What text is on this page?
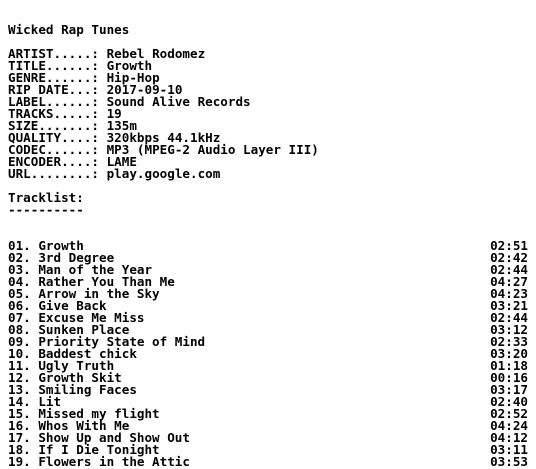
Wicked Rap Tunes
ARTIST.....: Rebel Rodomez
TITLE......: Growth
GENRE......: Hip-Hop
RIP DATE...: 2017-09-10
LABEL......: Sound Alive Records
TRACKS.....: 19
SIZE.......: 135m
QUALITY....: 320kbps 44.1kHz
CODEC......: MP3 (MPEG-2 Audio Layer III)
ENCODER....: LAME
URL........: play.google.com
Tracklist:
----------
01. Growth	02:51
02. 3rd Degree	02:42
03. Man of the Year	02:44
04. Rather You Than Me	04:27
05. Arrow in the Sky	04:23
06. Give Back	03:21
07. Excuse Me Miss	02:44
08. Sunken Place	03:12
09. Priority State of Mind	02:33
10. Baddest chick	03:20
11. Ugly Truth	01:18
12. Growth Skit	00:16
13. Smiling Faces	03:17
14. Lit	02:40
15. Missed my flight	02:52
16. Whos With Me	04:24
17. Show Up and Show Out	04:12
18. If I Die Tonight	03:11
19. Flowers in the Attic	03:53
